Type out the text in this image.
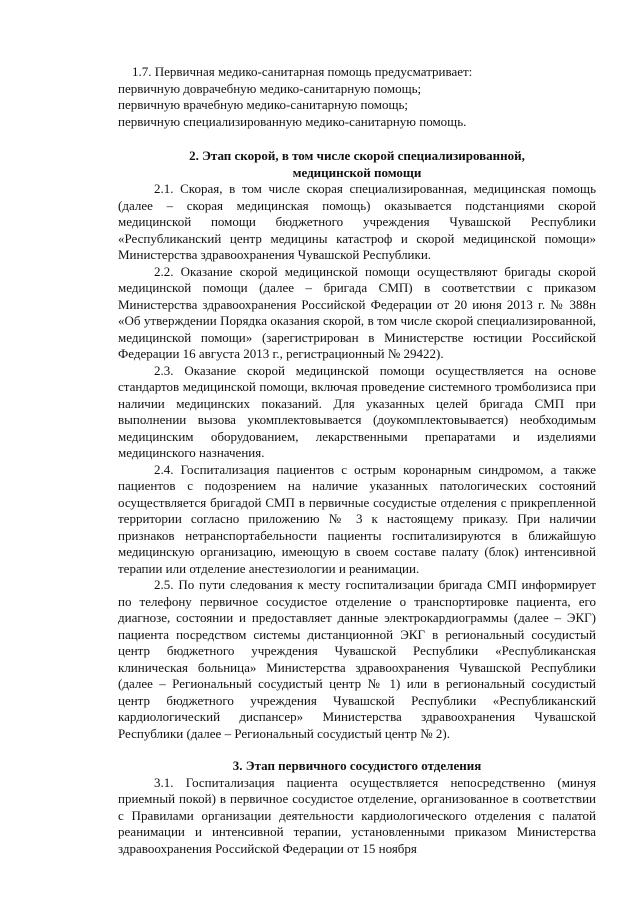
1.7. Первичная медико-санитарная помощь предусматривает:

первичную доврачебную медико-санитарную помощь;

первичную врачебную медико-санитарную помощь;

первичную специализированную медико-санитарную помощь.

2. Этап скорой, в том числе скорой специализированной,

медицинской помощи

2.1. Скорая, в том числе скорая специализированная, медицинская помощь (далее – скорая медицинская помощь) оказывается подстанциями скорой медицинской помощи бюджетного учреждения Чувашской Республики «Республиканский центр медицины катастроф и скорой медицинской помощи» Министерства здравоохранения Чувашской Республики.

2.2. Оказание скорой медицинской помощи осуществляют бригады скорой медицинской помощи (далее – бригада СМП) в соответствии с приказом Министерства здравоохранения Российской Федерации от 20 июня 2013 г. № 388н «Об утверждении Порядка оказания скорой, в том числе скорой специализированной, медицинской помощи» (зарегистрирован в Министерстве юстиции Российской Федерации 16 августа 2013 г., регистрационный № 29422).

2.3. Оказание скорой медицинской помощи осуществляется на основе стандартов медицинской помощи, включая проведение системного тромболизиса при наличии медицинских показаний. Для указанных целей бригада СМП при выполнении вызова укомплектовывается (доукомплектовывается) необходимым медицинским оборудованием, лекарственными препаратами и изделиями медицинского назначения.

2.4. Госпитализация пациентов с острым коронарным синдромом, а также пациентов с подозрением на наличие указанных патологических состояний осуществляется бригадой СМП в первичные сосудистые отделения с прикрепленной территории согласно приложению № 3 к настоящему приказу. При наличии признаков нетранспортабельности пациенты госпитализируются в ближайшую медицинскую организацию, имеющую в своем составе палату (блок) интенсивной терапии или отделение анестезиологии и реанимации.

2.5. По пути следования к месту госпитализации бригада СМП информирует по телефону первичное сосудистое отделение о транспортировке пациента, его диагнозе, состоянии и предоставляет данные электрокардиограммы (далее – ЭКГ) пациента посредством системы дистанционной ЭКГ в региональный сосудистый центр бюджетного учреждения Чувашской Республики «Республиканская клиническая больница» Министерства здравоохранения Чувашской Республики (далее – Региональный сосудистый центр № 1) или в региональный сосудистый центр бюджетного учреждения Чувашской Республики «Республиканский кардиологический диспансер» Министерства здравоохранения Чувашской Республики (далее – Региональный сосудистый центр № 2).

3. Этап первичного сосудистого отделения

3.1. Госпитализация пациента осуществляется непосредственно (минуя приемный покой) в первичное сосудистое отделение, организованное в соответствии с Правилами организации деятельности кардиологического отделения с палатой реанимации и интенсивной терапии, установленными приказом Министерства здравоохранения Российской Федерации от 15 ноября
